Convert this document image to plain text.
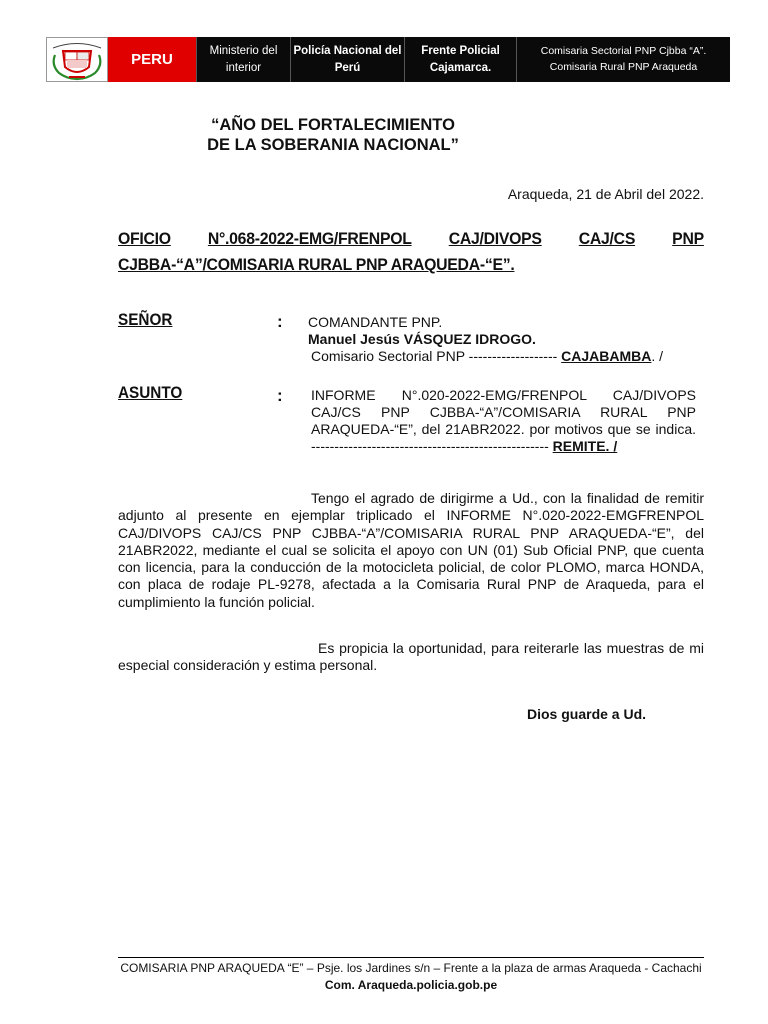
PERU	Ministerio del interior
Policía Nacional del Perú
Frente Policial Cajamarca.
Comisaria Sectorial PNP Cjbba “A”.
Comisaria Rural PNP Araqueda
“AÑO DEL FORTALECIMIENTO DE LA SOBERANIA NACIONAL”
Araqueda, 21 de Abril del 2022.
OFICIO N°.068-2022-EMG/FRENPOL CAJ/DIVOPS CAJ/CS PNP
CJBBA-“A”/COMISARIA RURAL PNP ARAQUEDA-“E”.
SEÑOR	: COMANDANTE PNP.
Manuel Jesús VÁSQUEZ IDROGO.
Comisario Sectorial PNP ------------------- CAJABAMBA. /
ASUNTO	: INFORME N°.020-2022-EMG/FRENPOL CAJ/DIVOPS CAJ/CS PNP CJBBA-“A”/COMISARIA RURAL PNP ARAQUEDA-“E”, del 21ABR2022. por motivos que se indica. --------------------------------------------------- REMITE. /
Tengo el agrado de dirigirme a Ud., con la finalidad de remitir adjunto al presente en ejemplar triplicado el INFORME N°.020-2022-EMGFRENPOL CAJ/DIVOPS CAJ/CS PNP CJBBA-“A”/COMISARIA RURAL PNP ARAQUEDA-“E”, del 21ABR2022, mediante el cual se solicita el apoyo con UN (01) Sub Oficial PNP, que cuenta con licencia, para la conducción de la motocicleta policial, de color PLOMO, marca HONDA, con placa de rodaje PL-9278, afectada a la Comisaria Rural PNP de Araqueda, para el cumplimiento la función policial.
Es propicia la oportunidad, para reiterarle las muestras de mi especial consideración y estima personal.
Dios guarde a Ud.
COMISARIA PNP ARAQUEDA “E” – Psje. los Jardines s/n – Frente a la plaza de armas Araqueda - Cachachi
Com. Araqueda.policia.gob.pe
